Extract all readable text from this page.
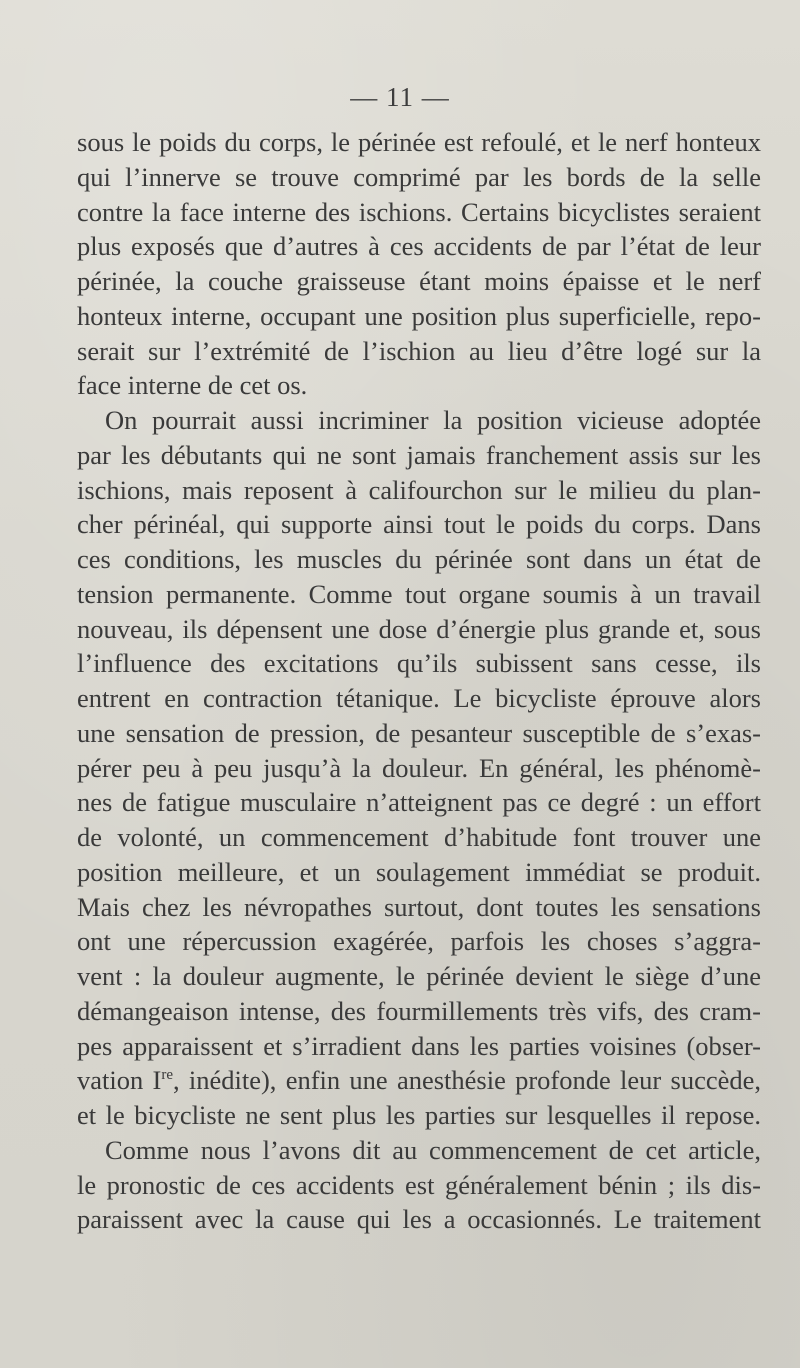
— 11 —

sous le poids du corps, le périnée est refoulé, et le nerf honteux
qui l’innerve se trouve comprimé par les bords de la selle
contre la face interne des ischions. Certains bicyclistes seraient
plus exposés que d’autres à ces accidents de par l’état de leur
périnée, la couche graisseuse étant moins épaisse et le nerf
honteux interne, occupant une position plus superficielle, repo-
serait sur l’extrémité de l’ischion au lieu d’être logé sur la
face interne de cet os.
On pourrait aussi incriminer la position vicieuse adoptée
par les débutants qui ne sont jamais franchement assis sur les
ischions, mais reposent à califourchon sur le milieu du plan-
cher périnéal, qui supporte ainsi tout le poids du corps. Dans
ces conditions, les muscles du périnée sont dans un état de
tension permanente. Comme tout organe soumis à un travail
nouveau, ils dépensent une dose d’énergie plus grande et, sous
l’influence des excitations qu’ils subissent sans cesse, ils
entrent en contraction tétanique. Le bicycliste éprouve alors
une sensation de pression, de pesanteur susceptible de s’exas-
pérer peu à peu jusqu’à la douleur. En général, les phénomè-
nes de fatigue musculaire n’atteignent pas ce degré : un effort
de volonté, un commencement d’habitude font trouver une
position meilleure, et un soulagement immédiat se produit.
Mais chez les névropathes surtout, dont toutes les sensations
ont une répercussion exagérée, parfois les choses s’aggra-
vent : la douleur augmente, le périnée devient le siège d’une
démangeaison intense, des fourmillements très vifs, des cram-
pes apparaissent et s’irradient dans les parties voisines (obser-
vation Ire, inédite), enfin une anesthésie profonde leur succède,
et le bicycliste ne sent plus les parties sur lesquelles il repose.
Comme nous l’avons dit au commencement de cet article,
le pronostic de ces accidents est généralement bénin ; ils dis-
paraissent avec la cause qui les a occasionnés. Le traitement
